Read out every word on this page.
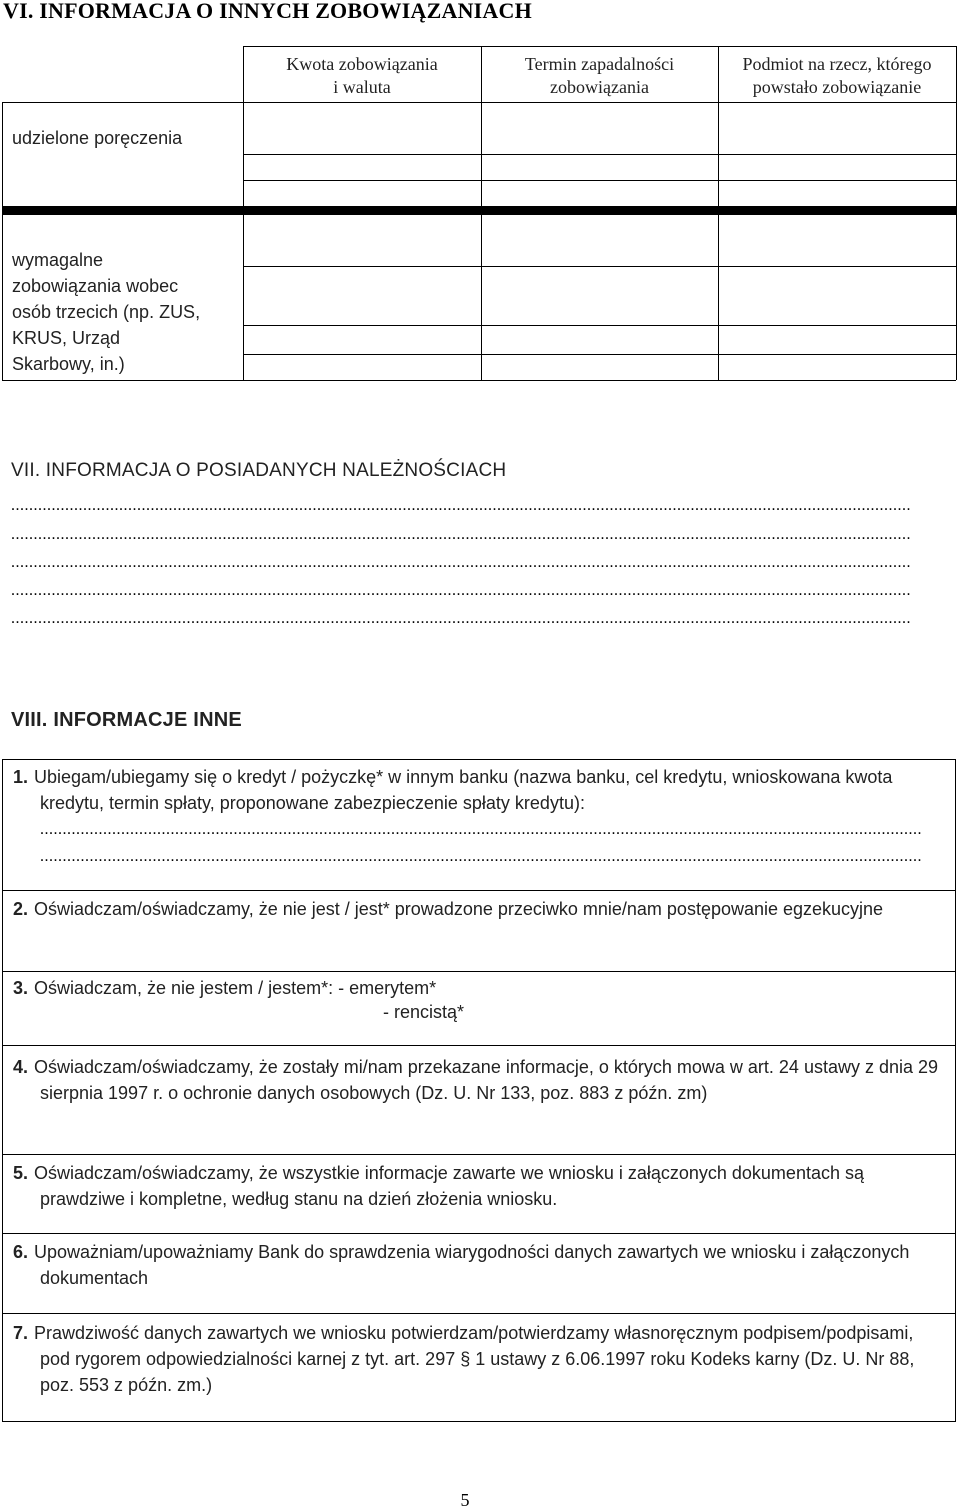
VI. INFORMACJA O INNYCH ZOBOWIĄZANIACH
Kwota zobowiązania
i waluta
Termin zapadalności
zobowiązania
Podmiot na rzecz, którego
powstało zobowiązanie
udzielone poręczenia
wymagalne
zobowiązania wobec
osób trzecich (np. ZUS,
KRUS, Urząd
Skarbowy, in.)
VII. INFORMACJA O POSIADANYCH NALEŻNOŚCIACH
........................................................................................................................................................................................................
........................................................................................................................................................................................................
........................................................................................................................................................................................................
........................................................................................................................................................................................................
........................................................................................................................................................................................................
VIII. INFORMACJE INNE
1. Ubiegam/ubiegamy się o kredyt / pożyczkę* w innym banku (nazwa banku, cel kredytu, wnioskowana kwota kredytu, termin spłaty, proponowane zabezpieczenie spłaty kredytu):
....................................................................................................................................................................................................
....................................................................................................................................................................................................
2. Oświadczam/oświadczamy, że nie jest / jest* prowadzone przeciwko mnie/nam postępowanie egzekucyjne
3. Oświadczam, że nie jestem / jestem*: - emerytem*
- rencistą*
4. Oświadczam/oświadczamy, że zostały mi/nam przekazane informacje, o których mowa w art. 24 ustawy z dnia 29 sierpnia 1997 r. o ochronie danych osobowych (Dz. U. Nr 133, poz. 883 z późn. zm)
5. Oświadczam/oświadczamy, że wszystkie informacje zawarte we wniosku i załączonych dokumentach są prawdziwe i kompletne, według stanu na dzień złożenia wniosku.
6. Upoważniam/upoważniamy Bank do sprawdzenia wiarygodności danych zawartych we wniosku i załączonych dokumentach
7. Prawdziwość danych zawartych we wniosku potwierdzam/potwierdzamy własnoręcznym podpisem/podpisami, pod rygorem odpowiedzialności karnej z tyt. art. 297 § 1 ustawy z 6.06.1997 roku Kodeks karny (Dz. U. Nr 88, poz. 553 z późn. zm.)
5
